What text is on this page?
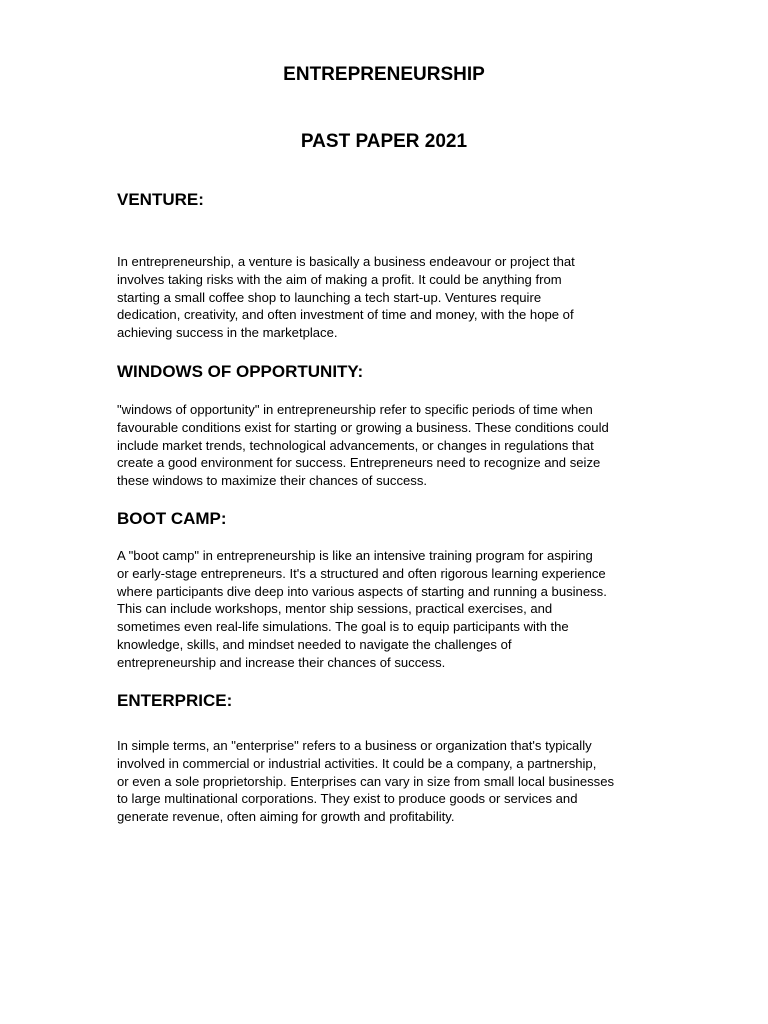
ENTREPRENEURSHIP
PAST PAPER 2021
VENTURE:
In entrepreneurship, a venture is basically a business endeavour or project that
involves taking risks with the aim of making a profit. It could be anything from
starting a small coffee shop to launching a tech start-up. Ventures require
dedication, creativity, and often investment of time and money, with the hope of
achieving success in the marketplace.
WINDOWS OF OPPORTUNITY:
"windows of opportunity" in entrepreneurship refer to specific periods of time when
favourable conditions exist for starting or growing a business. These conditions could
include market trends, technological advancements, or changes in regulations that
create a good environment for success. Entrepreneurs need to recognize and seize
these windows to maximize their chances of success.
BOOT CAMP:
A "boot camp" in entrepreneurship is like an intensive training program for aspiring
or early-stage entrepreneurs. It's a structured and often rigorous learning experience
where participants dive deep into various aspects of starting and running a business.
This can include workshops, mentor ship sessions, practical exercises, and
sometimes even real-life simulations. The goal is to equip participants with the
knowledge, skills, and mindset needed to navigate the challenges of
entrepreneurship and increase their chances of success.
ENTERPRICE:
In simple terms, an "enterprise" refers to a business or organization that's typically
involved in commercial or industrial activities. It could be a company, a partnership,
or even a sole proprietorship. Enterprises can vary in size from small local businesses
to large multinational corporations. They exist to produce goods or services and
generate revenue, often aiming for growth and profitability.
